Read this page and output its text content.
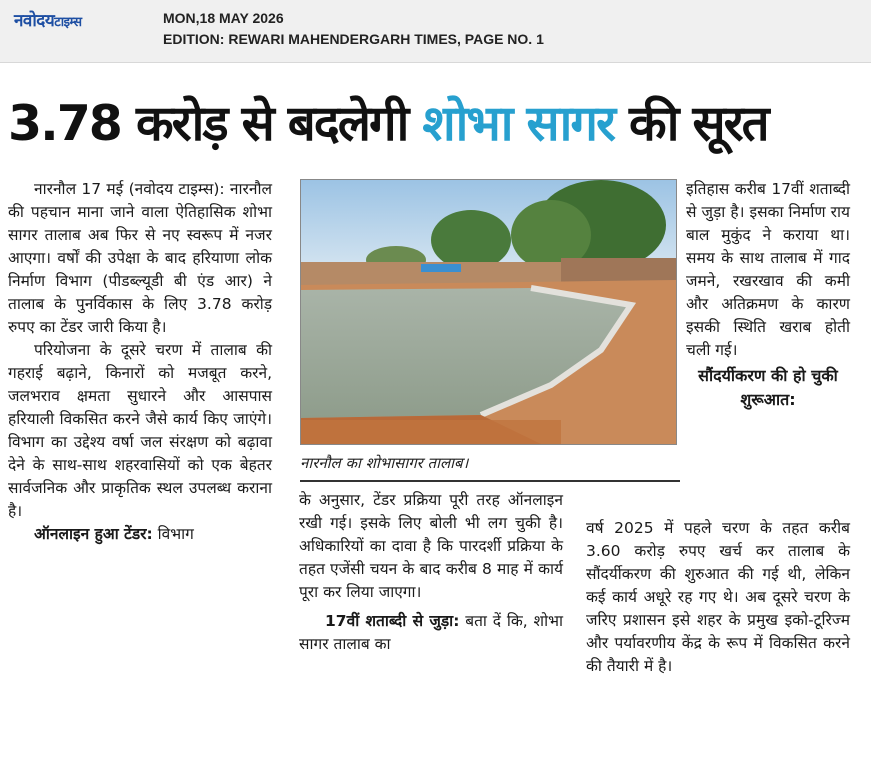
नवोदयटाइम्स	MON,18 MAY 2026
EDITION: REWARI MAHENDERGARH TIMES, PAGE NO. 1
3.78 करोड़ से बदलेगी शोभा सागर की सूरत

नारनौल 17 मई (नवोदय टाइम्स): नारनौल की पहचान माना जाने वाला ऐतिहासिक शोभा सागर तालाब अब फिर से नए स्वरूप में नजर आएगा। वर्षों की उपेक्षा के बाद हरियाणा लोक निर्माण विभाग (पीडब्ल्यूडी बी एंड आर) ने तालाब के पुनर्विकास के लिए 3.78 करोड़ रुपए का टेंडर जारी किया है।

परियोजना के दूसरे चरण में तालाब की गहराई बढ़ाने, किनारों को मजबूत करने, जलभराव क्षमता सुधारने और आसपास हरियाली विकसित करने जैसे कार्य किए जाएंगे। विभाग का उद्देश्य वर्षा जल संरक्षण को बढ़ावा देने के साथ-साथ शहरवासियों को एक बेहतर सार्वजनिक और प्राकृतिक स्थल उपलब्ध कराना है।

ऑनलाइन हुआ टेंडर: विभाग

नारनौल का शोभासागर तालाब।

के अनुसार, टेंडर प्रक्रिया पूरी तरह ऑनलाइन रखी गई। इसके लिए बोली भी लग चुकी है। अधिकारियों का दावा है कि पारदर्शी प्रक्रिया के तहत एजेंसी चयन के बाद करीब 8 माह में कार्य पूरा कर लिया जाएगा।

17वीं शताब्दी से जुड़ा: बता दें कि, शोभा सागर तालाब का

इतिहास करीब 17वीं शताब्दी से जुड़ा है। इसका निर्माण राय बाल मुकुंद ने कराया था। समय के साथ तालाब में गाद जमने, रखरखाव की कमी और अतिक्रमण के कारण इसकी स्थिति खराब होती चली गई।

सौंदर्यीकरण की हो चुकी शुरूआत:

वर्ष 2025 में पहले चरण के तहत करीब 3.60 करोड़ रुपए खर्च कर तालाब के सौंदर्यीकरण की शुरुआत की गई थी, लेकिन कई कार्य अधूरे रह गए थे। अब दूसरे चरण के जरिए प्रशासन इसे शहर के प्रमुख इको-टूरिज्म और पर्यावरणीय केंद्र के रूप में विकसित करने की तैयारी में है।
